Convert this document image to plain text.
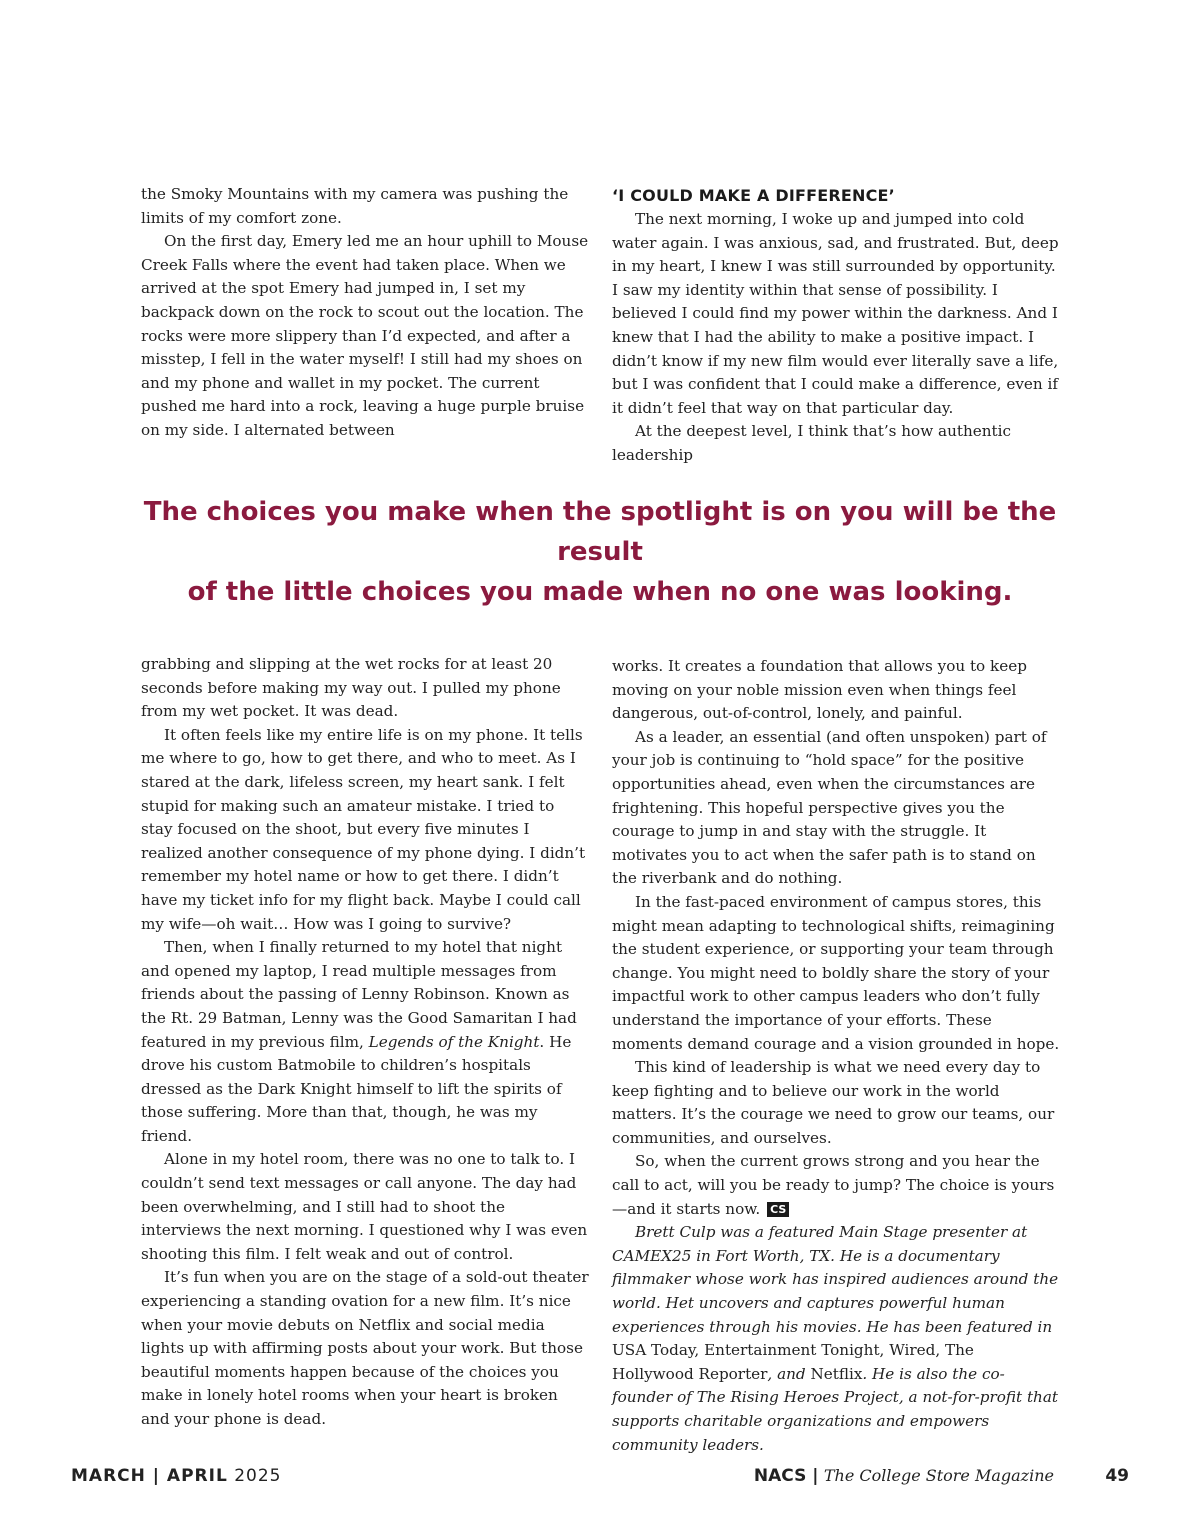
the Smoky Mountains with my camera was pushing the limits of my comfort zone.

On the first day, Emery led me an hour uphill to Mouse Creek Falls where the event had taken place. When we arrived at the spot Emery had jumped in, I set my backpack down on the rock to scout out the location. The rocks were more slippery than I’d expected, and after a misstep, I fell in the water myself! I still had my shoes on and my phone and wallet in my pocket. The current pushed me hard into a rock, leaving a huge purple bruise on my side. I alternated between

‘I COULD MAKE A DIFFERENCE’

The next morning, I woke up and jumped into cold water again. I was anxious, sad, and frustrated. But, deep in my heart, I knew I was still surrounded by opportunity. I saw my identity within that sense of possibility. I believed I could find my power within the darkness. And I knew that I had the ability to make a positive impact. I didn’t know if my new film would ever literally save a life, but I was confident that I could make a difference, even if it didn’t feel that way on that particular day.

At the deepest level, I think that’s how authentic leadership

The choices you make when the spotlight is on you will be the result
of the little choices you made when no one was looking.

grabbing and slipping at the wet rocks for at least 20 seconds before making my way out. I pulled my phone from my wet pocket. It was dead.

It often feels like my entire life is on my phone. It tells me where to go, how to get there, and who to meet. As I stared at the dark, lifeless screen, my heart sank. I felt stupid for making such an amateur mistake. I tried to stay focused on the shoot, but every five minutes I realized another consequence of my phone dying. I didn’t remember my hotel name or how to get there. I didn’t have my ticket info for my flight back. Maybe I could call my wife—oh wait… How was I going to survive?

Then, when I finally returned to my hotel that night and opened my laptop, I read multiple messages from friends about the passing of Lenny Robinson. Known as the Rt. 29 Batman, Lenny was the Good Samaritan I had featured in my previous film, Legends of the Knight. He drove his custom Batmobile to children’s hospitals dressed as the Dark Knight himself to lift the spirits of those suffering. More than that, though, he was my friend.

Alone in my hotel room, there was no one to talk to. I couldn’t send text messages or call anyone. The day had been overwhelming, and I still had to shoot the interviews the next morning. I questioned why I was even shooting this film. I felt weak and out of control.

It’s fun when you are on the stage of a sold-out theater experiencing a standing ovation for a new film. It’s nice when your movie debuts on Netflix and social media lights up with affirming posts about your work. But those beautiful moments happen because of the choices you make in lonely hotel rooms when your heart is broken and your phone is dead.

works. It creates a foundation that allows you to keep moving on your noble mission even when things feel dangerous, out-of-control, lonely, and painful.

As a leader, an essential (and often unspoken) part of your job is continuing to “hold space” for the positive opportunities ahead, even when the circumstances are frightening. This hopeful perspective gives you the courage to jump in and stay with the struggle. It motivates you to act when the safer path is to stand on the riverbank and do nothing.

In the fast-paced environment of campus stores, this might mean adapting to technological shifts, reimagining the student experience, or supporting your team through change. You might need to boldly share the story of your impactful work to other campus leaders who don’t fully understand the importance of your efforts. These moments demand courage and a vision grounded in hope.

This kind of leadership is what we need every day to keep fighting and to believe our work in the world matters. It’s the courage we need to grow our teams, our communities, and ourselves.

So, when the current grows strong and you hear the call to act, will you be ready to jump? The choice is yours—and it starts now. CS

Brett Culp was a featured Main Stage presenter at CAMEX25 in Fort Worth, TX. He is a documentary filmmaker whose work has inspired audiences around the world. Het uncovers and captures powerful human experiences through his movies. He has been featured in USA Today, Entertainment Tonight, Wired, The Hollywood Reporter, and Netflix. He is also the co-founder of The Rising Heroes Project, a not-for-profit that supports charitable organizations and empowers community leaders.

MARCH | APRIL 2025	NACS | The College Store Magazine	49
